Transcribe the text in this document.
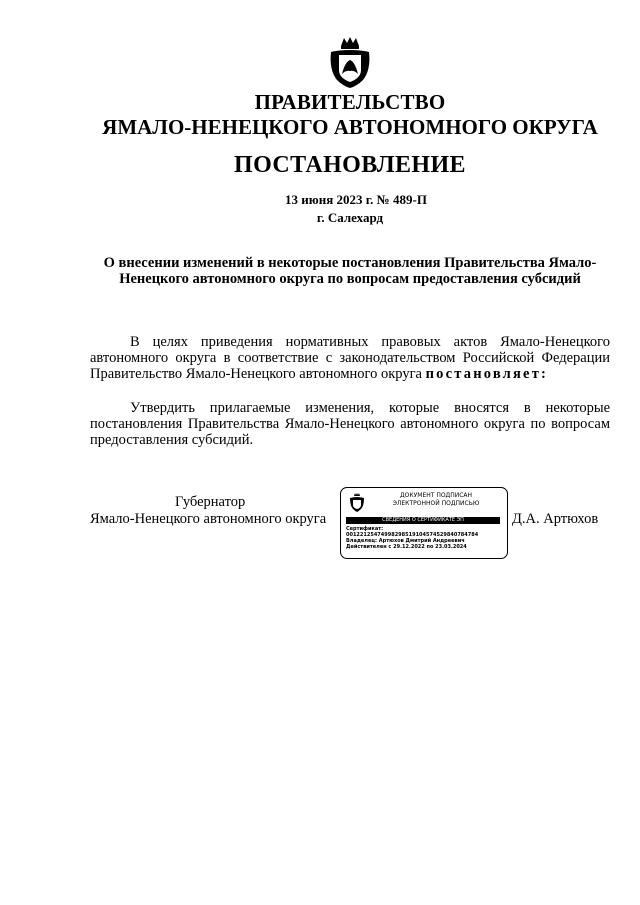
ПРАВИТЕЛЬСТВО
ЯМАЛО-НЕНЕЦКОГО АВТОНОМНОГО ОКРУГА
ПОСТАНОВЛЕНИЕ
13 июня 2023 г. № 489-П
г. Салехард
О внесении изменений в некоторые постановления Правительства Ямало-Ненецкого автономного округа по вопросам предоставления субсидий
В целях приведения нормативных правовых актов Ямало-Ненецкого автономного округа в соответствие с законодательством Российской Федерации Правительство Ямало-Ненецкого автономного округа постановляет:
Утвердить прилагаемые изменения, которые вносятся в некоторые постановления Правительства Ямало-Ненецкого автономного округа по вопросам предоставления субсидий.
Губернатор
Ямало-Ненецкого автономного округа
ДОКУМЕНТ ПОДПИСАН
ЭЛЕКТРОННОЙ ПОДПИСЬЮ
СВЕДЕНИЯ О СЕРТИФИКАТЕ ЭП
Сертификат:
00122125474998298519104574529840784784
Владелец: Артюхов Дмитрий Андреевич
Действителен с 29.12.2022 по 23.03.2024
Д.А. Артюхов
